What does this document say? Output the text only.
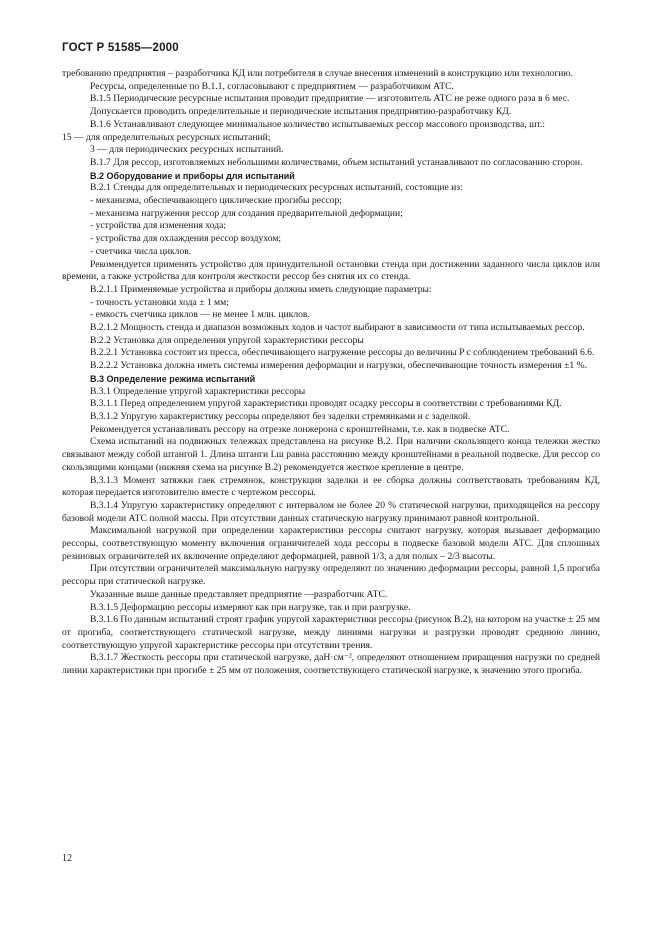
ГОСТ Р 51585—2000

требованию предприятия – разработчика КД или потребителя в случае внесения изменений в конструкцию или технологию.

Ресурсы, определенные по В.1.1, согласовывают с предприятием — разработчиком АТС.

В.1.5 Периодические ресурсные испытания проводит предприятие — изготовитель АТС не реже одного раза в 6 мес.

Допускается проводить определительные и периодические испытания предприятию-разработчику КД.

В.1.6 Устанавливают следующее минимальное количество испытываемых рессор массового производства, шт.:

15 — для определительных ресурсных испытаний;

3 — для периодических ресурсных испытаний.

В.1.7 Для рессор, изготовляемых небольшими количествами, объем испытаний устанавливают по согласованию сторон.

В.2 Оборудование и приборы для испытаний

В.2.1 Стенды для определительных и периодических ресурсных испытаний, состоящие из:

- механизма, обеспечивающего циклические прогибы рессор;

- механизма нагружения рессор для создания предварительной деформации;

- устройства для изменения хода;

- устройства для охлаждения рессор воздухом;

- счетчика числа циклов.

Рекомендуется применять устройство для принудительной остановки стенда при достижении заданного числа циклов или времени, а также устройства для контроля жесткости рессор без снятия их со стенда.

В.2.1.1 Применяемые устройства и приборы должны иметь следующие параметры:

- точность установки хода ± 1 мм;

- емкость счетчика циклов — не менее 1 млн. циклов.

В.2.1.2 Мощность стенда и диапазон возможных ходов и частот выбирают в зависимости от типа испытываемых рессор.

В.2.2 Установка для определения упругой характеристики рессоры

В.2.2.1 Установка состоит из пресса, обеспечивающего нагружение рессоры до величины P с соблюдением требований 6.6.

В.2.2.2 Установка должна иметь системы измерения деформации и нагрузки, обеспечивающие точность измерения ±1 %.

В.3 Определение режима испытаний

В.3.1 Определение упругой характеристики рессоры

В.3.1.1 Перед определением упругой характеристики проводят осадку рессоры в соответствии с требованиями КД.

В.3.1.2 Упругую характеристику рессоры определяют без заделки стремянками и с заделкой.

Рекомендуется устанавливать рессору на отрезке лонжерона с кронштейнами, т.е. как в подвеске АТС.

Схема испытаний на подвижных тележках представлена на рисунке В.2. При наличии скользящего конца тележки жестко связывают между собой штангой 1. Длина штанги Lш равна расстоянию между кронштейнами в реальной подвеске. Для рессор со скользящими концами (нижняя схема на рисунке В.2) рекомендуется жесткое крепление в центре.

В.3.1.3 Момент затяжки гаек стремянок, конструкция заделки и ее сборка должны соответствовать требованиям КД, которая передается изготовителю вместе с чертежом рессоры.

В.3.1.4 Упругую характеристику определяют с интервалом не более 20 % статической нагрузки, приходящейся на рессору базовой модели АТС полной массы. При отсутствии данных статическую нагрузку принимают равной контрольной.

Максимальной нагрузкой при определении характеристики рессоры считают нагрузку, которая вызывает деформацию рессоры, соответствующую моменту включения ограничителей хода рессоры в подвеске базовой модели АТС. Для сплошных резиновых ограничителей их включение определяют деформацией, равной 1/3, а для полых – 2/3 высоты.

При отсутствии ограничителей максимальную нагрузку определяют по значению деформации рессоры, равной 1,5 прогиба рессоры при статической нагрузке.

Указанные выше данные представляет предприятие —разработчик АТС.

В.3.1.5 Деформацию рессоры измеряют как при нагрузке, так и при разгрузке.

В.3.1.6 По данным испытаний строят график упругой характеристики рессоры (рисунок В.2), на котором на участке ± 25 мм от прогиба, соответствующего статической нагрузке, между линиями нагрузки и разгрузки проводят среднюю линию, соответствующую упругой характеристике рессоры при отсутствии трения.

В.3.1.7 Жесткость рессоры при статической нагрузке, даН·см⁻², определяют отношением приращения нагрузки по средней линии характеристики при прогибе ± 25 мм от положения, соответствующего статической нагрузке, к значению этого прогиба.

12
